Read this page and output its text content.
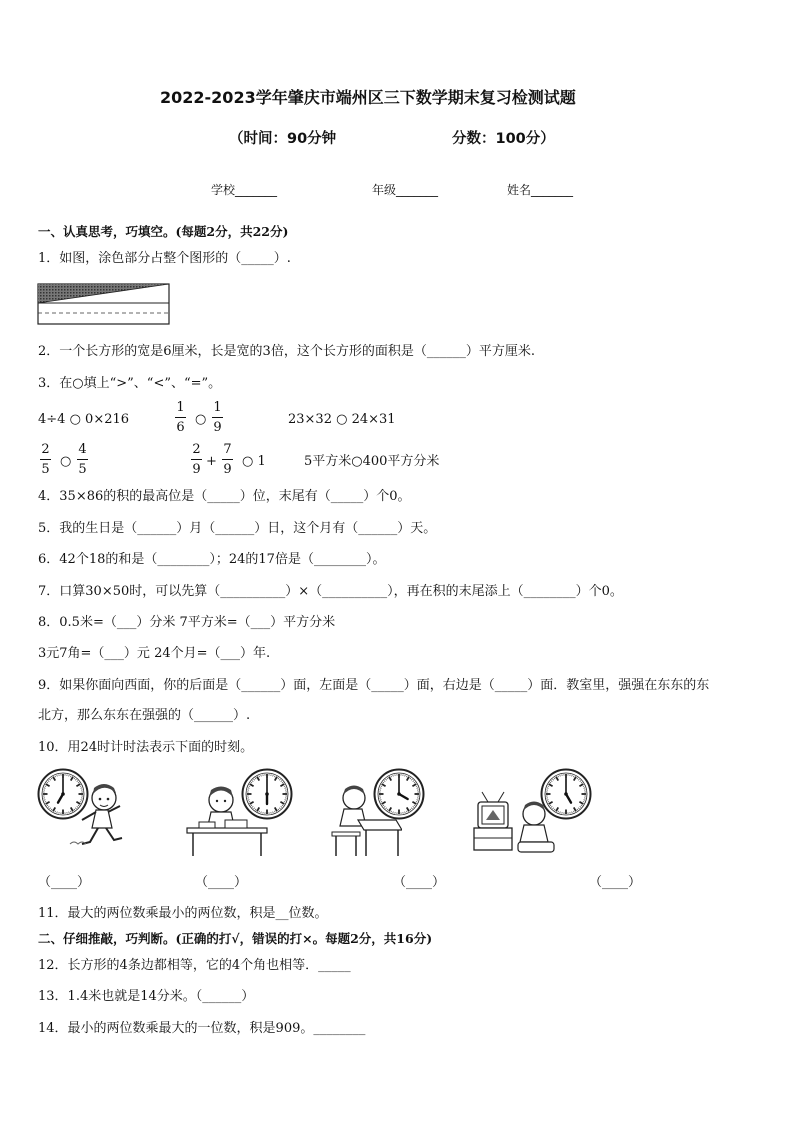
2022-2023学年肇庆市端州区三下数学期末复习检测试题
（时间：90分钟	分数：100分）
学校_______	年级_______	姓名_______
一、认真思考，巧填空。(每题2分，共22分)
1．如图，涂色部分占整个图形的（_____）.
2．一个长方形的宽是6厘米，长是宽的3倍，这个长方形的面积是（______）平方厘米.
3．在○填上“>”、“<”、“=”。
4÷4 ○ 0×216
1
6
○
1
9
23×32 ○ 24×31
2
5
○
4
5
2
9
+
7
9
○ 1	5平方米○400平方分米
4．35×86的积的最高位是（_____）位，末尾有（_____）个0。
5．我的生日是（______）月（______）日，这个月有（______）天。
6．42个18的和是（________）；24的17倍是（________）。
7．口算30×50时，可以先算（__________）×（__________），再在积的末尾添上（________）个0。
8．0.5米=（___）分米 7平方米=（___）平方分米
3元7角=（___）元 24个月=（___）年.
9．如果你面向西面，你的后面是（______）面，左面是（_____）面，右边是（_____）面．教室里，强强在东东的东
北方，那么东东在强强的（______）.
10．用24时计时法表示下面的时刻。
（____）	（____）	（____）	（____）
11．最大的两位数乘最小的两位数，积是__位数。
二、仔细推敲，巧判断。(正确的打√，错误的打×。每题2分，共16分)
12．长方形的4条边都相等，它的4个角也相等．_____
13．1.4米也就是14分米。（______）
14．最小的两位数乘最大的一位数，积是909。________
